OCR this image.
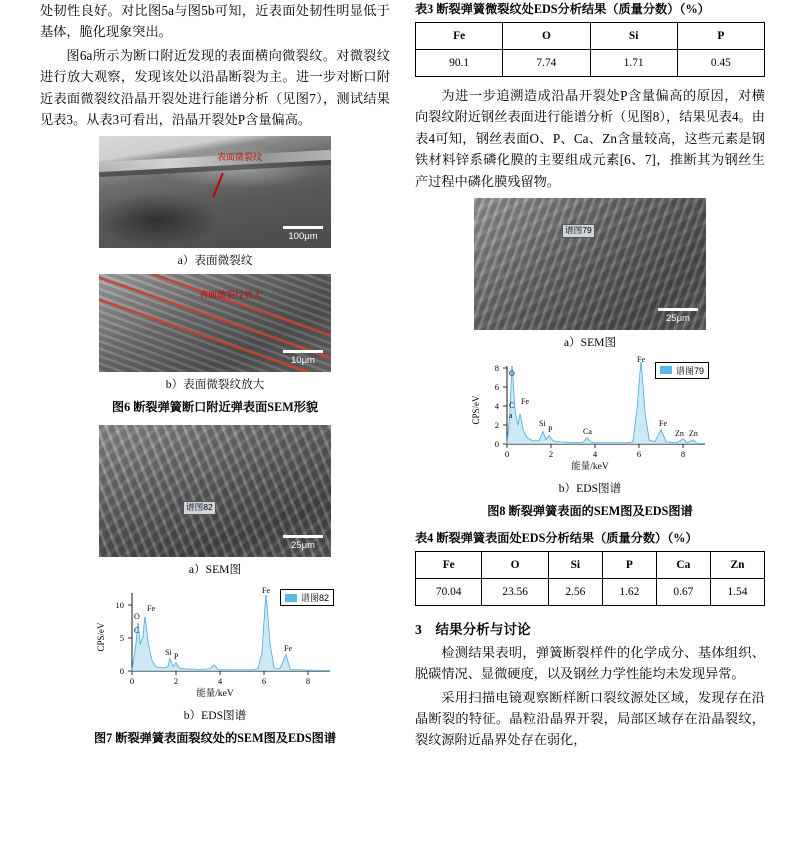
处韧性良好。对比图5a与图5b可知，近表面处韧性明显低于基体，脆化现象突出。

图6a所示为断口附近发现的表面横向微裂纹。对微裂纹进行放大观察，发现该处以沿晶断裂为主。进一步对断口附近表面微裂纹沿晶开裂处进行能谱分析（见图7），测试结果见表3。从表3可看出，沿晶开裂处P含量偏高。

表面微裂纹
100μm
a）表面微裂纹
表面微裂纹放大
10μm
b）表面微裂纹放大
图6 断裂弹簧断口附近弹表面SEM形貌
谱图82
25μm
a）SEM图
0
5
10
0	2	4	6	8
CPS/eV
O
C
Fe
Si P
Fe
Fe
谱图82
能量/keV
b）EDS图谱
图7 断裂弹簧表面裂纹处的SEM图及EDS图谱
表3 断裂弹簧微裂纹处EDS分析结果（质量分数）（%）
Fe	O	Si	P
90.1	7.74	1.71	0.45

为进一步追溯造成沿晶开裂处P含量偏高的原因，对横向裂纹附近钢丝表面进行能谱分析（见图8），结果见表4。由表4可知，钢丝表面O、P、Ca、Zn含量较高，这些元素是钢铁材料锌系磷化膜的主要组成元素[6、7]，推断其为钢丝生产过程中磷化膜残留物。

谱图79
25μm
a）SEM图
0
2
4
6
8
0	2	4	6	8
CPS/eV
O
C
a
Fe
Si
P	Ca
Fe
Fe
Zn Zn
谱图79
能量/keV
b）EDS图谱
图8 断裂弹簧表面的SEM图及EDS图谱
表4 断裂弹簧表面处EDS分析结果（质量分数）（%）
Fe	O	Si	P	Ca	Zn
70.04	23.56	2.56	1.62	0.67	1.54
3 结果分析与讨论

检测结果表明，弹簧断裂样件的化学成分、基体组织、脱碳情况、显微硬度，以及钢丝力学性能均未发现异常。

采用扫描电镜观察断样断口裂纹源处区域，发现存在沿晶断裂的特征。晶粒沿晶界开裂，局部区域存在沿晶裂纹，裂纹源附近晶界处存在弱化，
